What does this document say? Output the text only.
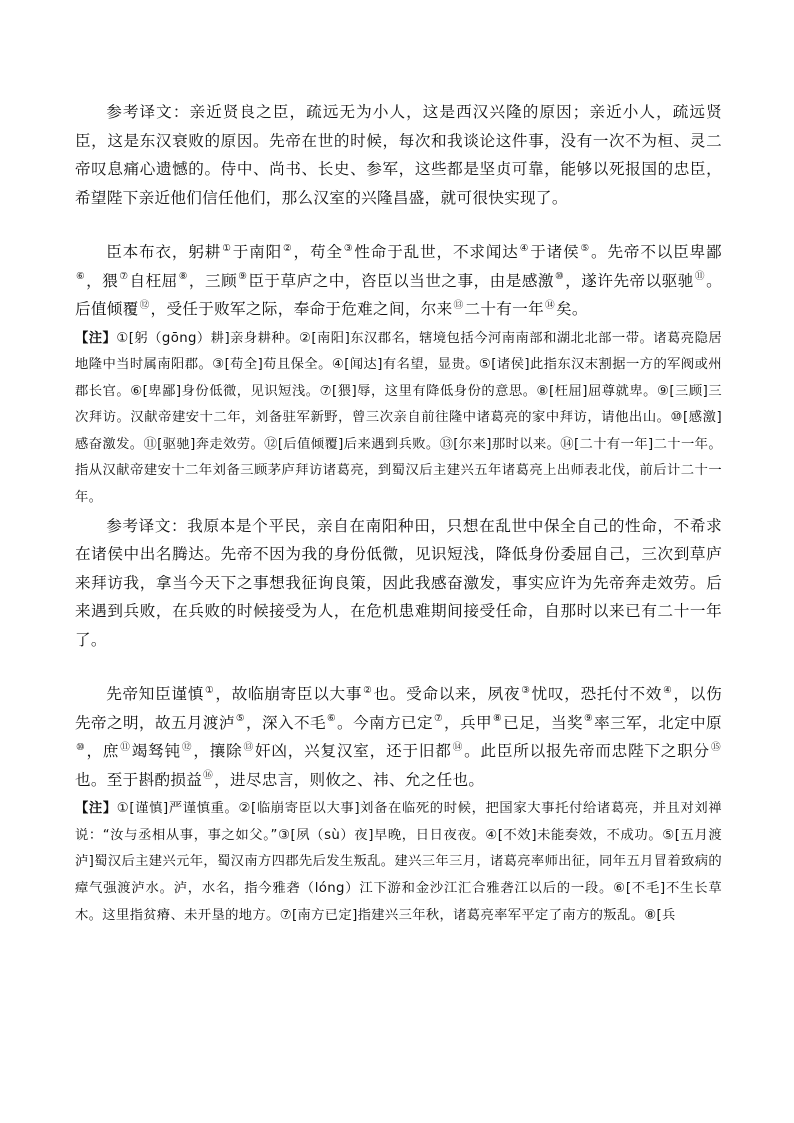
参考译文：亲近贤良之臣，疏远无为小人，这是西汉兴隆的原因；亲近小人，疏远贤臣，这是东汉衰败的原因。先帝在世的时候，每次和我谈论这件事，没有一次不为桓、灵二帝叹息痛心遗憾的。侍中、尚书、长史、参军，这些都是坚贞可靠，能够以死报国的忠臣，希望陛下亲近他们信任他们，那么汉室的兴隆昌盛，就可很快实现了。

臣本布衣，躬耕①于南阳②，苟全③性命于乱世，不求闻达④于诸侯⑤。先帝不以臣卑鄙⑥，猥⑦自枉屈⑧，三顾⑨臣于草庐之中，咨臣以当世之事，由是感激⑩，遂许先帝以驱驰⑪。后值倾覆⑫，受任于败军之际，奉命于危难之间，尔来⑬二十有一年⑭矣。

【注】①[躬（gōng）耕]亲身耕种。②[南阳]东汉郡名，辖境包括今河南南部和湖北北部一带。诸葛亮隐居地隆中当时属南阳郡。③[苟全]苟且保全。④[闻达]有名望，显贵。⑤[诸侯]此指东汉末割据一方的军阀或州郡长官。⑥[卑鄙]身份低微，见识短浅。⑦[猥]辱，这里有降低身份的意思。⑧[枉屈]屈尊就卑。⑨[三顾]三次拜访。汉献帝建安十二年，刘备驻军新野，曾三次亲自前往隆中诸葛亮的家中拜访，请他出山。⑩[感激]感奋激发。⑪[驱驰]奔走效劳。⑫[后值倾覆]后来遇到兵败。⑬[尔来]那时以来。⑭[二十有一年]二十一年。指从汉献帝建安十二年刘备三顾茅庐拜访诸葛亮，到蜀汉后主建兴五年诸葛亮上出师表北伐，前后计二十一年。

参考译文：我原本是个平民，亲自在南阳种田，只想在乱世中保全自己的性命，不希求在诸侯中出名腾达。先帝不因为我的身份低微，见识短浅，降低身份委屈自己，三次到草庐来拜访我，拿当今天下之事想我征询良策，因此我感奋激发，事实应许为先帝奔走效劳。后来遇到兵败，在兵败的时候接受为人，在危机患难期间接受任命，自那时以来已有二十一年了。

先帝知臣谨慎①，故临崩寄臣以大事②也。受命以来，夙夜③忧叹，恐托付不效④，以伤先帝之明，故五月渡泸⑤，深入不毛⑥。今南方已定⑦，兵甲⑧已足，当奖⑨率三军，北定中原⑩，庶⑪竭驽钝⑫，攘除⑬奸凶，兴复汉室，还于旧都⑭。此臣所以报先帝而忠陛下之职分⑮也。至于斟酌损益⑯，进尽忠言，则攸之、祎、允之任也。

【注】①[谨慎]严谨慎重。②[临崩寄臣以大事]刘备在临死的时候，把国家大事托付给诸葛亮，并且对刘禅说：“汝与丞相从事，事之如父。”③[夙（sù）夜]早晚，日日夜夜。④[不效]未能奏效，不成功。⑤[五月渡泸]蜀汉后主建兴元年，蜀汉南方四郡先后发生叛乱。建兴三年三月，诸葛亮率师出征，同年五月冒着致病的瘴气强渡泸水。泸，水名，指今雅砻（lóng）江下游和金沙江汇合雅砻江以后的一段。⑥[不毛]不生长草木。这里指贫瘠、未开垦的地方。⑦[南方已定]指建兴三年秋，诸葛亮率军平定了南方的叛乱。⑧[兵
